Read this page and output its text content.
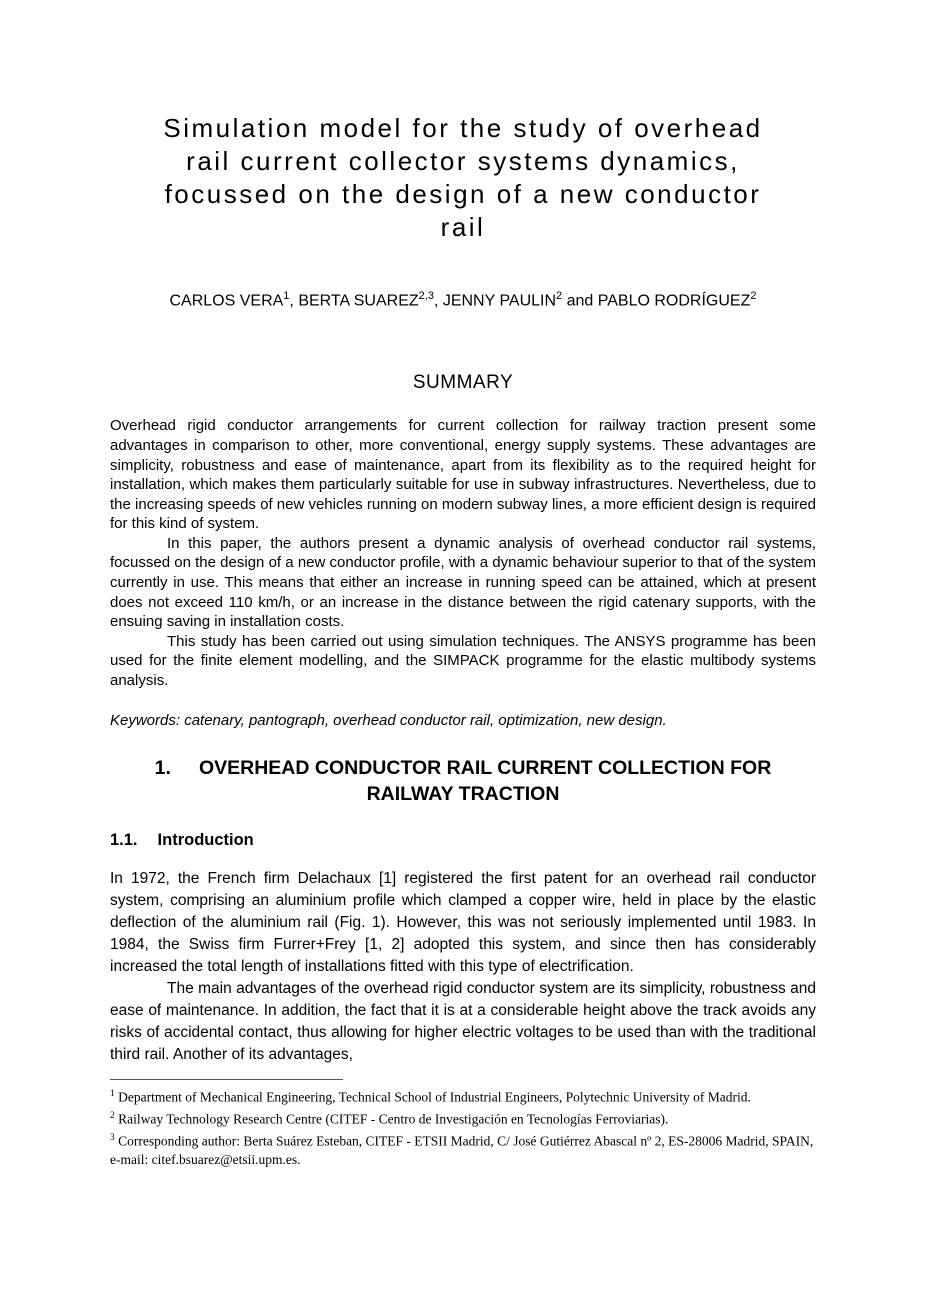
Simulation model for the study of overhead
rail current collector systems dynamics,
focussed on the design of a new conductor
rail
CARLOS VERA$^1$, BERTA SUAREZ$^{2,3}$, JENNY PAULIN$^2$ and PABLO RODRÍGUEZ$^2$
SUMMARY

Overhead rigid conductor arrangements for current collection for railway traction present some advantages in comparison to other, more conventional, energy supply systems. These advantages are simplicity, robustness and ease of maintenance, apart from its flexibility as to the required height for installation, which makes them particularly suitable for use in subway infrastructures. Nevertheless, due to the increasing speeds of new vehicles running on modern subway lines, a more efficient design is required for this kind of system.

In this paper, the authors present a dynamic analysis of overhead conductor rail systems, focussed on the design of a new conductor profile, with a dynamic behaviour superior to that of the system currently in use. This means that either an increase in running speed can be attained, which at present does not exceed 110 km/h, or an increase in the distance between the rigid catenary supports, with the ensuing saving in installation costs.

This study has been carried out using simulation techniques. The ANSYS programme has been used for the finite element modelling, and the SIMPACK programme for the elastic multibody systems analysis.

Keywords: catenary, pantograph, overhead conductor rail, optimization, new design.

1. OVERHEAD CONDUCTOR RAIL CURRENT COLLECTION FOR
RAILWAY TRACTION
1.1. Introduction

In 1972, the French firm Delachaux [1] registered the first patent for an overhead rail conductor system, comprising an aluminium profile which clamped a copper wire, held in place by the elastic deflection of the aluminium rail (Fig. 1). However, this was not seriously implemented until 1983. In 1984, the Swiss firm Furrer+Frey [1, 2] adopted this system, and since then has considerably increased the total length of installations fitted with this type of electrification.

The main advantages of the overhead rigid conductor system are its simplicity, robustness and ease of maintenance. In addition, the fact that it is at a considerable height above the track avoids any risks of accidental contact, thus allowing for higher electric voltages to be used than with the traditional third rail. Another of its advantages,

$^1$ Department of Mechanical Engineering, Technical School of Industrial Engineers, Polytechnic University of Madrid.
$^2$ Railway Technology Research Centre (CITEF - Centro de Investigación en Tecnologías Ferroviarias).
$^3$ Corresponding author: Berta Suárez Esteban, CITEF - ETSII Madrid, C/ José Gutiérrez Abascal nº 2, ES-28006 Madrid, SPAIN, e-mail: citef.bsuarez@etsii.upm.es.
